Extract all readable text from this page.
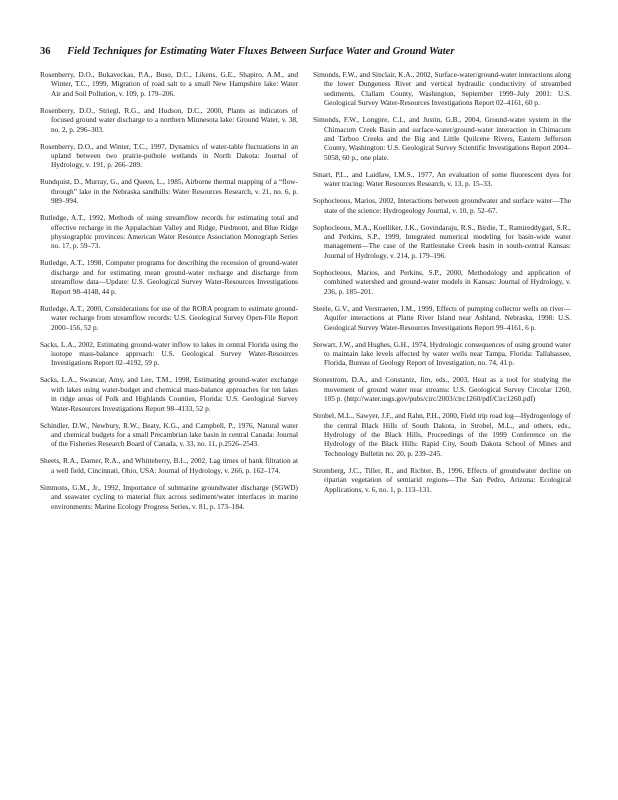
36 Field Techniques for Estimating Water Fluxes Between Surface Water and Ground Water

Rosenberry, D.O., Bukaveckas, P.A., Buso, D.C., Likens, G.E., Shapiro, A.M., and Winter, T.C., 1999, Migration of road salt to a small New Hampshire lake: Water Air and Soil Pollution, v. 109, p. 179–206.

Rosenberry, D.O., Striegl, R.G., and Hudson, D.C., 2000, Plants as indicators of focused ground water discharge to a northern Minnesota lake: Ground Water, v. 38, no. 2, p. 296–303.

Rosenberry, D.O., and Winter, T.C., 1997, Dynamics of water-table fluctuations in an upland between two prairie-pothole wetlands in North Dakota: Journal of Hydrology, v. 191, p. 266–289.

Rundquist, D., Murray, G., and Queen, L., 1985, Airborne thermal mapping of a “flow-through” lake in the Nebraska sandhills: Water Resources Research, v. 21, no. 6, p. 989–994.

Rutledge, A.T., 1992, Methods of using streamflow records for estimating total and effective recharge in the Appalachian Valley and Ridge, Piedmont, and Blue Ridge physiographic provinces: American Water Resource Association Monograph Series no. 17, p. 59–73.

Rutledge, A.T., 1998, Computer programs for describing the recession of ground-water discharge and for estimating mean ground-water recharge and discharge from streamflow data—Update: U.S. Geological Survey Water-Resources Investigations Report 98–4148, 44 p.

Rutledge, A.T., 2000, Considerations for use of the RORA program to estimate ground-water recharge from streamflow records: U.S. Geological Survey Open-File Report 2000–156, 52 p.

Sacks, L.A., 2002, Estimating ground-water inflow to lakes in central Florida using the isotope mass-balance approach: U.S. Geological Survey Water-Resources Investigations Report 02–4192, 59 p.

Sacks, L.A., Swancar, Amy, and Lee, T.M., 1998, Estimating ground-water exchange with lakes using water-budget and chemical mass-balance approaches for ten lakes in ridge areas of Polk and Highlands Counties, Florida: U.S. Geological Survey Water-Resources Investigations Report 98–4133, 52 p.

Schindler, D.W., Newbury, R.W., Beaty, K.G., and Campbell, P., 1976, Natural water and chemical budgets for a small Precambrian lake basin in central Canada: Journal of the Fisheries Research Board of Canada, v. 33, no. 11, p.2526–2543.

Sheets, R.A., Darner, R.A., and Whitteberry, B.L., 2002, Lag times of bank filtration at a well field, Cincinnati, Ohio, USA: Journal of Hydrology, v. 266, p. 162–174.

Simmons, G.M., Jr., 1992, Importance of submarine groundwater discharge (SGWD) and seawater cycling to material flux across sediment/water interfaces in marine environments: Marine Ecology Progress Series, v. 81, p. 173–184.

Simonds, F.W., and Sinclair, K.A., 2002, Surface-water/ground-water interactions along the lower Dungeness River and vertical hydraulic conductivity of streambed sediments, Clallam County, Washington, September 1999–July 2001: U.S. Geological Survey Water-Resources Investigations Report 02–4161, 60 p.

Simonds, F.W., Longpre, C.I., and Justin, G.B., 2004, Ground-water system in the Chimacum Creek Basin and surface-water/ground-water interaction in Chimacum and Tarboo Creeks and the Big and Little Quilcene Rivers, Eastern Jefferson County, Washington: U.S. Geological Survey Scientific Investigations Report 2004–5058, 60 p., one plate.

Smart, P.L., and Laidlaw, I.M.S., 1977, An evaluation of some fluorescent dyes for water tracing: Water Resources Research, v. 13, p. 15–33.

Sophocleous, Marios, 2002, Interactions between groundwater and surface water—The state of the science: Hydrogeology Journal, v. 10, p. 52–67.

Sophocleous, M.A., Koelliker, J.K., Govindaraju, R.S., Birdie, T., Ramireddygari, S.R., and Perkins, S.P., 1999, Integrated numerical modeling for basin-wide water management—The case of the Rattlesnake Creek basin in south-central Kansas: Journal of Hydrology, v. 214, p. 179–196.

Sophocleous, Marios, and Perkins, S.P., 2000, Methodology and application of combined watershed and ground-water models in Kansas: Journal of Hydrology, v. 236, p. 185–201.

Steele, G.V., and Verstraeten, I.M., 1999, Effects of pumping collector wells on river—Aquifer interactions at Platte River Island near Ashland, Nebraska, 1998: U.S. Geological Survey Water-Resources Investigations Report 99–4161, 6 p.

Stewart, J.W., and Hughes, G.H., 1974, Hydrologic consequences of using ground water to maintain lake levels affected by water wells near Tampa, Florida: Tallahassee, Florida, Bureau of Geology Report of Investigation, no. 74, 41 p.

Stonestrom, D.A., and Constantz, Jim, eds., 2003, Heat as a tool for studying the movement of ground water near streams: U.S. Geological Survey Circular 1260, 105 p. (http://water.usgs.gov/pubs/circ/2003/circ1260/pdf/Circ1260.pdf)

Strobel, M.L., Sawyer, J.F., and Rahn, P.H., 2000, Field trip road log—Hydrogeology of the central Black Hills of South Dakota, in Strobel, M.L., and others, eds., Hydrology of the Black Hills, Proceedings of the 1999 Conference on the Hydrology of the Black Hills: Rapid City, South Dakota School of Mines and Technology Bulletin no. 20, p. 239–245.

Stromberg, J.C., Tiller, R., and Richter, B., 1996, Effects of groundwater decline on riparian vegetation of semiarid regions—The San Pedro, Arizona: Ecological Applications, v. 6, no. 1, p. 113–131.
